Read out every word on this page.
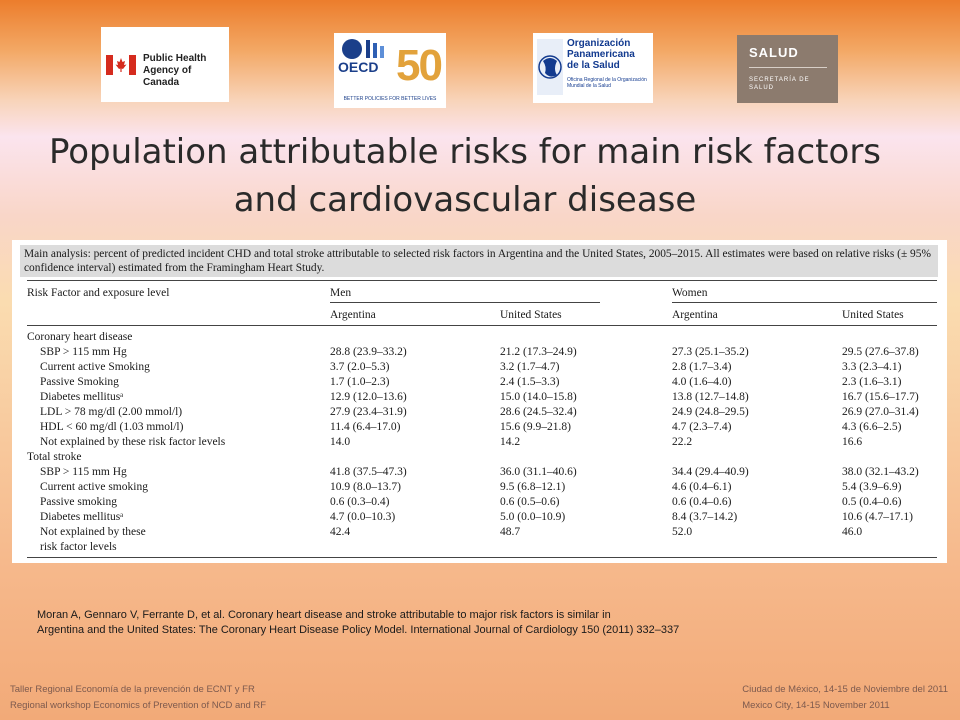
Public Health Agency of Canada
OECD 50
BETTER POLICIES FOR BETTER LIVES
Organización Panamericana de la Salud
Oficina Regional de la Organización Mundial de la Salud
SALUD
SECRETARÍA DE SALUD
Population attributable risks for main risk factors
and cardiovascular disease
Main analysis: percent of predicted incident CHD and total stroke attributable to selected risk factors in Argentina and the United States, 2005–2015. All estimates were based on relative risks (± 95% confidence interval) estimated from the Framingham Heart Study.
Risk Factor and exposure level	Men	Women
Argentina	United States	Argentina	United States
Coronary heart disease
SBP > 115 mm Hg	28.8 (23.9–33.2)	21.2 (17.3–24.9)	27.3 (25.1–35.2)	29.5 (27.6–37.8)
Current active Smoking	3.7 (2.0–5.3)	3.2 (1.7–4.7)	2.8 (1.7–3.4)	3.3 (2.3–4.1)
Passive Smoking	1.7 (1.0–2.3)	2.4 (1.5–3.3)	4.0 (1.6–4.0)	2.3 (1.6–3.1)
Diabetes mellitusᵃ	12.9 (12.0–13.6)	15.0 (14.0–15.8)	13.8 (12.7–14.8)	16.7 (15.6–17.7)
LDL > 78 mg/dl (2.00 mmol/l)	27.9 (23.4–31.9)	28.6 (24.5–32.4)	24.9 (24.8–29.5)	26.9 (27.0–31.4)
HDL < 60 mg/dl (1.03 mmol/l)	11.4 (6.4–17.0)	15.6 (9.9–21.8)	4.7 (2.3–7.4)	4.3 (6.6–2.5)
Not explained by these risk factor levels	14.0	14.2	22.2	16.6
Total stroke
SBP > 115 mm Hg	41.8 (37.5–47.3)	36.0 (31.1–40.6)	34.4 (29.4–40.9)	38.0 (32.1–43.2)
Current active smoking	10.9 (8.0–13.7)	9.5 (6.8–12.1)	4.6 (0.4–6.1)	5.4 (3.9–6.9)
Passive smoking	0.6 (0.3–0.4)	0.6 (0.5–0.6)	0.6 (0.4–0.6)	0.5 (0.4–0.6)
Diabetes mellitusᵃ	4.7 (0.0–10.3)	5.0 (0.0–10.9)	8.4 (3.7–14.2)	10.6 (4.7–17.1)
Not explained by these	42.4	48.7	52.0	46.0
risk factor levels
Moran A, Gennaro V, Ferrante D, et al. Coronary heart disease and stroke attributable to major risk factors is similar in
Argentina and the United States: The Coronary Heart Disease Policy Model. International Journal of Cardiology 150 (2011) 332–337
Taller Regional Economía de la prevención de ECNT y FR
Regional workshop Economics of Prevention of NCD and RF
Ciudad de México, 14-15 de Noviembre del 2011
Mexico City, 14-15 November 2011
